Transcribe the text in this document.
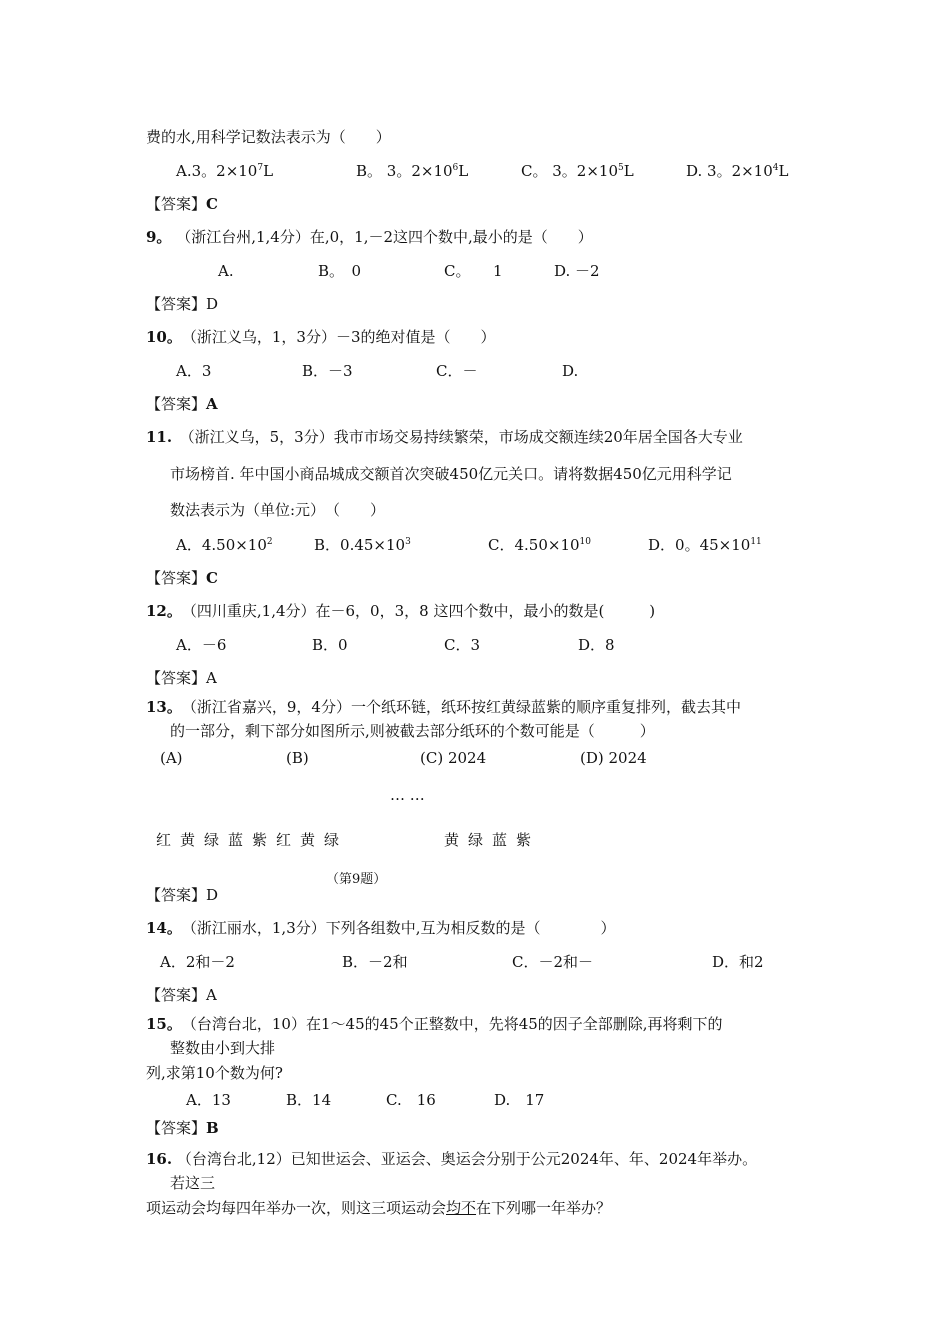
费的水,用科学记数法表示为（　　）
A.3。$2\times 10^7L$	B。 3。$2\times 10^6L$	C。 3。$2\times 10^5L$	D. 3。$2\times 10^4L$
【答案】C
9。 （浙江台州,1,4分）在,0，1,－2这四个数中,最小的是（　　）
A.	B。　0	C。　　1	D. －2
【答案】D
10。　 （浙江义乌，1，3分）－3的绝对值是（　　）
A．3	B．－3	C．－	D.
【答案】A
11.　 （浙江义乌，5，3分）我市市场交易持续繁荣，市场成交额连续20年居全国各大专业
市场榜首. 年中国小商品城成交额首次突破450亿元关口。请将数据450亿元用科学记
数法表示为（单位:元）　（　　）
A．$4.50\times 10^2$	B．$0.45\times 10^3$	C．$4.50\times 10^{10}$	D．0。$45\times 10^{11}$
【答案】C
12。　 （四川重庆,1,4分）在－6，0，3，8 这四个数中，最小的数是(　　　)
A．－6	B．0	C．3	D．8
【答案】A
13。　 （浙江省嘉兴，9，4分）一个纸环链，纸环按红黄绿蓝紫的顺序重复排列，截去其中
的一部分，剩下部分如图所示,则被截去部分纸环的个数可能是（　　　）
(A)	(B)	(C) 2024	(D) 2024
… …
红 黄 绿 蓝 紫 红 黄 绿	黄 绿 蓝 紫
（第9题）
【答案】D
14。　 （浙江丽水，1,3分）下列各组数中,互为相反数的是（　　　　）
A．2和－2	B．－2和	C．－2和－	D．和2
【答案】A
15。　 （台湾台北，10）在1～45的45个正整数中，先将45的因子全部删除,再将剩下的
整数由小到大排
列,求第10个数为何?
A．13	B．14	C.　16	D.　17
【答案】B
16. （台湾台北,12）已知世运会、亚运会、奥运会分别于公元2024年、年、2024年举办。
若这三
项运动会均每四年举办一次，则这三项运动会均不在下列哪一年举办？
